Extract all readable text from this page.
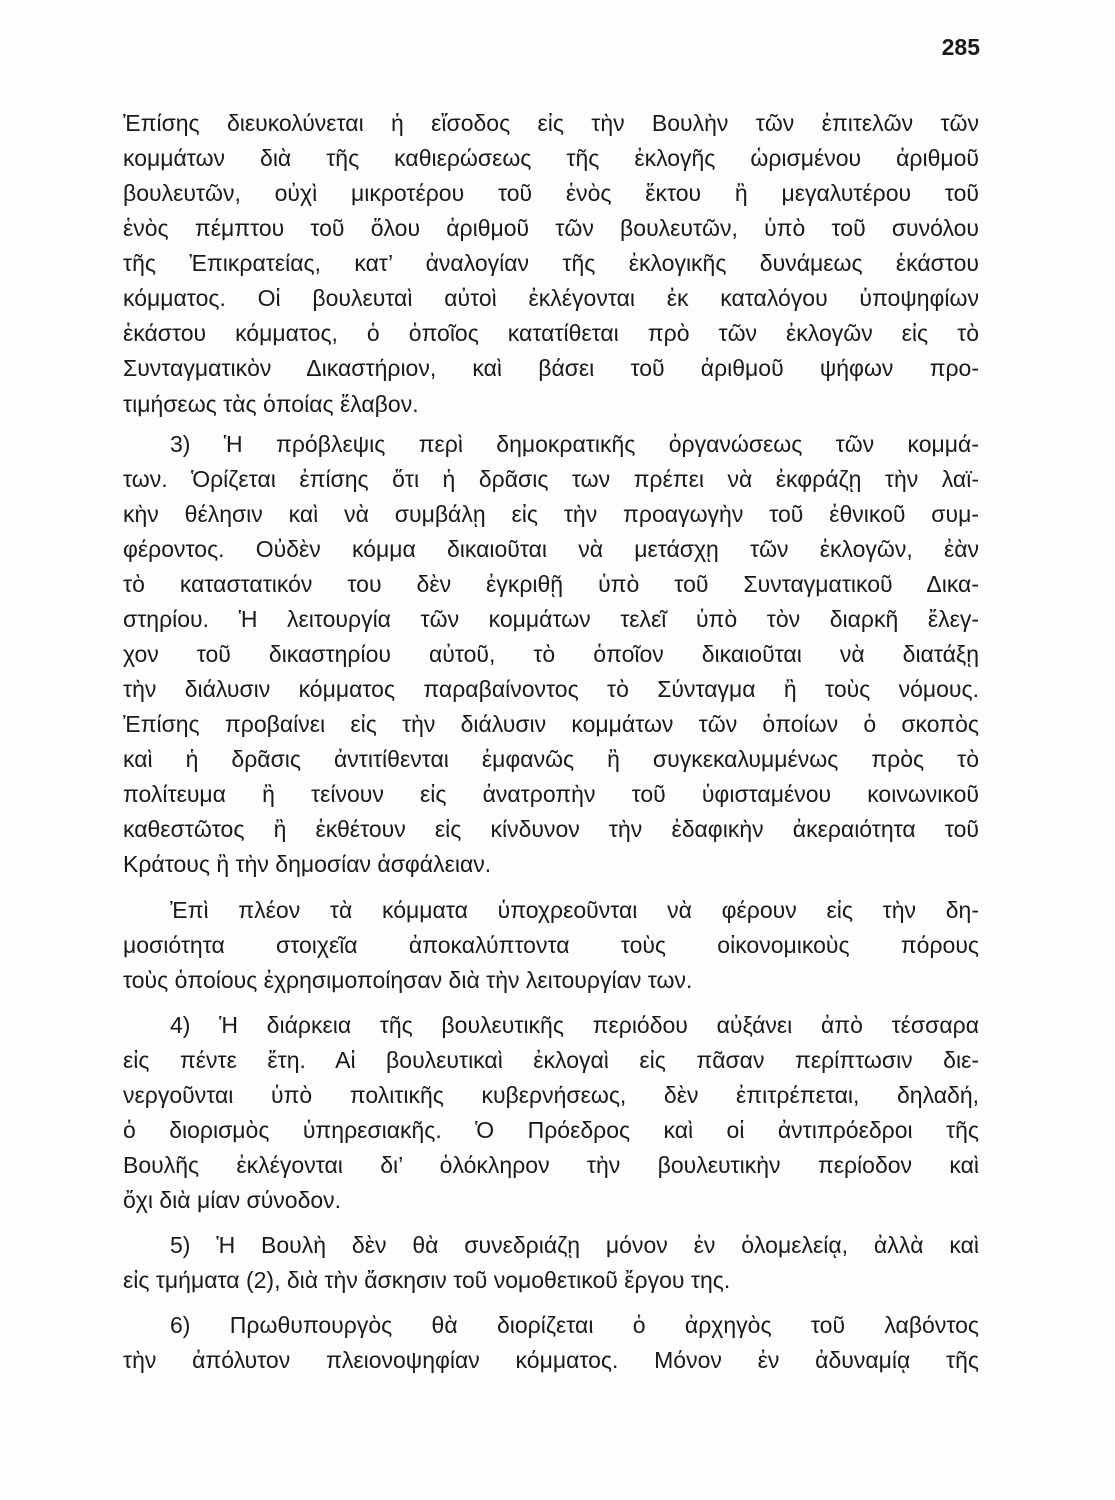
285
Ἐπίσης διευκολύνεται ἡ εἴσοδος εἰς τὴν Βουλὴν τῶν ἐπιτελῶν τῶν
κομμάτων διὰ τῆς καθιερώσεως τῆς ἐκλογῆς ὡρισμένου ἀριθμοῦ
βουλευτῶν, οὐχὶ μικροτέρου τοῦ ἑνὸς ἕκτου ἢ μεγαλυτέρου τοῦ
ἑνὸς πέμπτου τοῦ ὅλου ἀριθμοῦ τῶν βουλευτῶν, ὑπὸ τοῦ συνόλου
τῆς Ἐπικρατείας, κατ’ ἀναλογίαν τῆς ἐκλογικῆς δυνάμεως ἑκάστου
κόμματος. Οἱ βουλευταὶ αὐτοὶ ἐκλέγονται ἐκ καταλόγου ὑποψηφίων
ἑκάστου κόμματος, ὁ ὁποῖος κατατίθεται πρὸ τῶν ἐκλογῶν εἰς τὸ
Συνταγματικὸν Δικαστήριον, καὶ βάσει τοῦ ἀριθμοῦ ψήφων προ-
τιμήσεως τὰς ὁποίας ἔλαβον.
3) Ἡ πρόβλεψις περὶ δημοκρατικῆς ὀργανώσεως τῶν κομμά-
των. Ὁρίζεται ἐπίσης ὅτι ἡ δρᾶσις των πρέπει νὰ ἐκφράζῃ τὴν λαϊ-
κὴν θέλησιν καὶ νὰ συμβάλῃ εἰς τὴν προαγωγὴν τοῦ ἐθνικοῦ συμ-
φέροντος. Οὐδὲν κόμμα δικαιοῦται νὰ μετάσχῃ τῶν ἐκλογῶν, ἐὰν
τὸ καταστατικόν του δὲν ἐγκριθῇ ὑπὸ τοῦ Συνταγματικοῦ Δικα-
στηρίου. Ἡ λειτουργία τῶν κομμάτων τελεῖ ὑπὸ τὸν διαρκῆ ἔλεγ-
χον τοῦ δικαστηρίου αὐτοῦ, τὸ ὁποῖον δικαιοῦται νὰ διατάξῃ
τὴν διάλυσιν κόμματος παραβαίνοντος τὸ Σύνταγμα ἢ τοὺς νόμους.
Ἐπίσης προβαίνει εἰς τὴν διάλυσιν κομμάτων τῶν ὁποίων ὁ σκοπὸς
καὶ ἡ δρᾶσις ἀντιτίθενται ἐμφανῶς ἢ συγκεκαλυμμένως πρὸς τὸ
πολίτευμα ἢ τείνουν εἰς ἀνατροπὴν τοῦ ὑφισταμένου κοινωνικοῦ
καθεστῶτος ἢ ἐκθέτουν εἰς κίνδυνον τὴν ἐδαφικὴν ἀκεραιότητα τοῦ
Κράτους ἢ τὴν δημοσίαν ἀσφάλειαν.
Ἐπὶ πλέον τὰ κόμματα ὑποχρεοῦνται νὰ φέρουν εἰς τὴν δη-
μοσιότητα στοιχεῖα ἀποκαλύπτοντα τοὺς οἰκονομικοὺς πόρους
τοὺς ὁποίους ἐχρησιμοποίησαν διὰ τὴν λειτουργίαν των.
4) Ἡ διάρκεια τῆς βουλευτικῆς περιόδου αὐξάνει ἀπὸ τέσσαρα
εἰς πέντε ἔτη. Αἱ βουλευτικαὶ ἐκλογαὶ εἰς πᾶσαν περίπτωσιν διε-
νεργοῦνται ὑπὸ πολιτικῆς κυβερνήσεως, δὲν ἐπιτρέπεται, δηλαδή,
ὁ διορισμὸς ὑπηρεσιακῆς. Ὁ Πρόεδρος καὶ οἱ ἀντιπρόεδροι τῆς
Βουλῆς ἐκλέγονται δι’ ὁλόκληρον τὴν βουλευτικὴν περίοδον καὶ
ὄχι διὰ μίαν σύνοδον.
5) Ἡ Βουλὴ δὲν θὰ συνεδριάζῃ μόνον ἐν ὁλομελείᾳ, ἀλλὰ καὶ
εἰς τμήματα (2), διὰ τὴν ἄσκησιν τοῦ νομοθετικοῦ ἔργου της.
6) Πρωθυπουργὸς θὰ διορίζεται ὁ ἀρχηγὸς τοῦ λαβόντος
τὴν ἀπόλυτον πλειονοψηφίαν κόμματος. Μόνον ἐν ἀδυναμίᾳ τῆς
